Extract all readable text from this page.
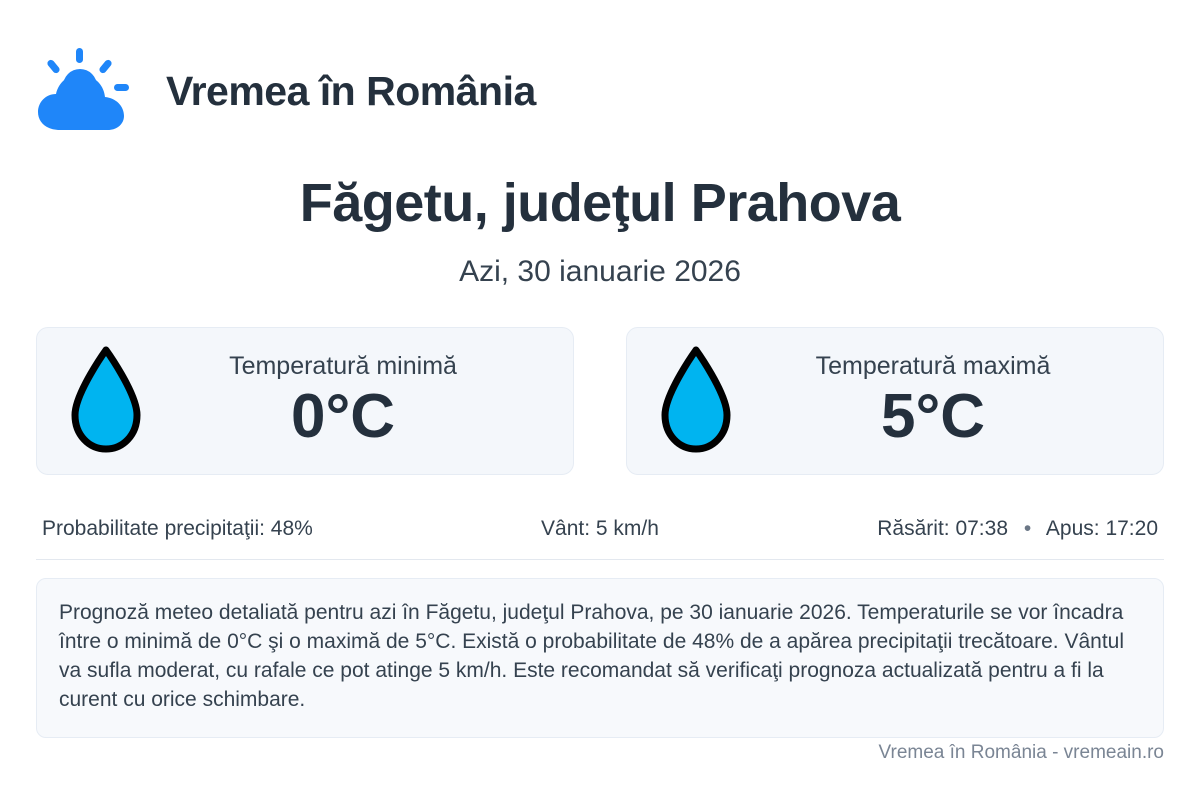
Vremea în România
Făgetu, judeţul Prahova
Azi, 30 ianuarie 2026
Temperatură minimă
0°C
Temperatură maximă
5°C
Probabilitate precipitaţii: 48%	Vânt: 5 km/h	Răsărit: 07:38 • Apus: 17:20
Prognoză meteo detaliată pentru azi în Făgetu, judeţul Prahova, pe 30 ianuarie 2026. Temperaturile se vor încadra între o minimă de 0°C şi o maximă de 5°C. Există o probabilitate de 48% de a apărea precipitaţii trecătoare. Vântul va sufla moderat, cu rafale ce pot atinge 5 km/h. Este recomandat să verificaţi prognoza actualizată pentru a fi la curent cu orice schimbare.
Vremea în România - vremeain.ro
